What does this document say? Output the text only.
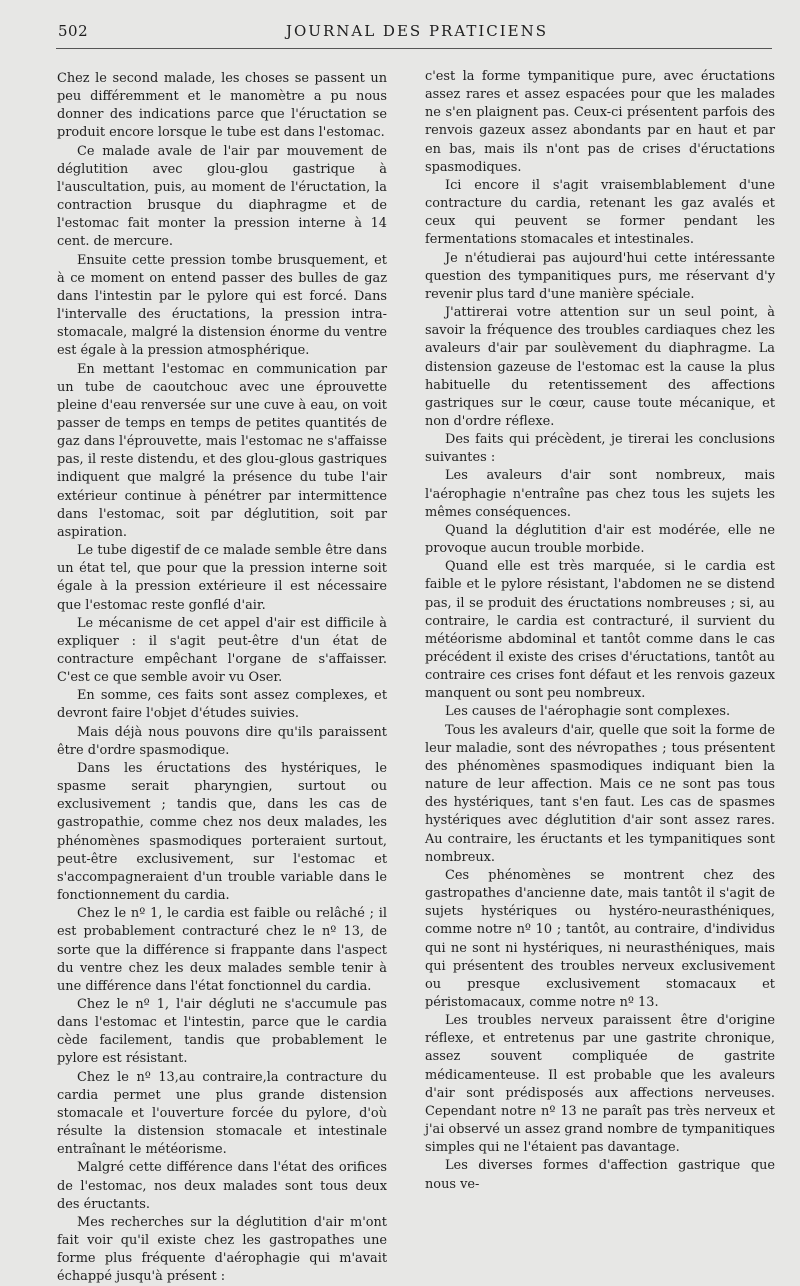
502	JOURNAL DES PRATICIENS

Chez le second malade, les choses se passent un peu différemment et le manomètre a pu nous donner des indications parce que l'éructation se produit encore lorsque le tube est dans l'estomac.

Ce malade avale de l'air par mouvement de déglutition avec glou-glou gastrique à l'auscultation, puis, au moment de l'éructation, la contraction brusque du diaphragme et de l'estomac fait monter la pression interne à 14 cent. de mercure.

Ensuite cette pression tombe brusquement, et à ce moment on entend passer des bulles de gaz dans l'intestin par le pylore qui est forcé. Dans l'intervalle des éructations, la pression intra-stomacale, malgré la distension énorme du ventre est égale à la pression atmosphérique.

En mettant l'estomac en communication par un tube de caoutchouc avec une éprouvette pleine d'eau renversée sur une cuve à eau, on voit passer de temps en temps de petites quantités de gaz dans l'éprouvette, mais l'estomac ne s'affaisse pas, il reste distendu, et des glou-glous gastriques indiquent que malgré la présence du tube l'air extérieur continue à pénétrer par intermittence dans l'estomac, soit par déglutition, soit par aspiration.

Le tube digestif de ce malade semble être dans un état tel, que pour que la pression interne soit égale à la pression extérieure il est nécessaire que l'estomac reste gonflé d'air.

Le mécanisme de cet appel d'air est difficile à expliquer : il s'agit peut-être d'un état de contracture empêchant l'organe de s'affaisser. C'est ce que semble avoir vu Oser.

En somme, ces faits sont assez complexes, et devront faire l'objet d'études suivies.

Mais déjà nous pouvons dire qu'ils paraissent être d'ordre spasmodique.

Dans les éructations des hystériques, le spasme serait pharyngien, surtout ou exclusivement ; tandis que, dans les cas de gastropathie, comme chez nos deux malades, les phénomènes spasmodiques porteraient surtout, peut-être exclusivement, sur l'estomac et s'accompagneraient d'un trouble variable dans le fonctionnement du cardia.

Chez le nº 1, le cardia est faible ou relâché ; il est probablement contracturé chez le nº 13, de sorte que la différence si frappante dans l'aspect du ventre chez les deux malades semble tenir à une différence dans l'état fonctionnel du cardia.

Chez le nº 1, l'air dégluti ne s'accumule pas dans l'estomac et l'intestin, parce que le cardia cède facilement, tandis que probablement le pylore est résistant.

Chez le nº 13,au contraire,la contracture du cardia permet une plus grande distension stomacale et l'ouverture forcée du pylore, d'où résulte la distension stomacale et intestinale entraînant le météorisme.

Malgré cette différence dans l'état des orifices de l'estomac, nos deux malades sont tous deux des éructants.

Mes recherches sur la déglutition d'air m'ont fait voir qu'il existe chez les gastropathes une forme plus fréquente d'aérophagie qui m'avait échappé jusqu'à présent :

c'est la forme tympanitique pure, avec éructations assez rares et assez espacées pour que les malades ne s'en plaignent pas. Ceux-ci présentent parfois des renvois gazeux assez abondants par en haut et par en bas, mais ils n'ont pas de crises d'éructations spasmodiques.

Ici encore il s'agit vraisemblablement d'une contracture du cardia, retenant les gaz avalés et ceux qui peuvent se former pendant les fermentations stomacales et intestinales.

Je n'étudierai pas aujourd'hui cette intéressante question des tympanitiques purs, me réservant d'y revenir plus tard d'une manière spéciale.

J'attirerai votre attention sur un seul point, à savoir la fréquence des troubles cardiaques chez les avaleurs d'air par soulèvement du diaphragme. La distension gazeuse de l'estomac est la cause la plus habituelle du retentissement des affections gastriques sur le cœur, cause toute mécanique, et non d'ordre réflexe.

Des faits qui précèdent, je tirerai les conclusions suivantes :

Les avaleurs d'air sont nombreux, mais l'aérophagie n'entraîne pas chez tous les sujets les mêmes conséquences.

Quand la déglutition d'air est modérée, elle ne provoque aucun trouble morbide.

Quand elle est très marquée, si le cardia est faible et le pylore résistant, l'abdomen ne se distend pas, il se produit des éructations nombreuses ; si, au contraire, le cardia est contracturé, il survient du météorisme abdominal et tantôt comme dans le cas précédent il existe des crises d'éructations, tantôt au contraire ces crises font défaut et les renvois gazeux manquent ou sont peu nombreux.

Les causes de l'aérophagie sont complexes.

Tous les avaleurs d'air, quelle que soit la forme de leur maladie, sont des névropathes ; tous présentent des phénomènes spasmodiques indiquant bien la nature de leur affection. Mais ce ne sont pas tous des hystériques, tant s'en faut. Les cas de spasmes hystériques avec déglutition d'air sont assez rares. Au contraire, les éructants et les tympanitiques sont nombreux.

Ces phénomènes se montrent chez des gastropathes d'ancienne date, mais tantôt il s'agit de sujets hystériques ou hystéro-neurasthéniques, comme notre nº 10 ; tantôt, au contraire, d'individus qui ne sont ni hystériques, ni neurasthéniques, mais qui présentent des troubles nerveux exclusivement ou presque exclusivement stomacaux et péristomacaux, comme notre nº 13.

Les troubles nerveux paraissent être d'origine réflexe, et entretenus par une gastrite chronique, assez souvent compliquée de gastrite médicamenteuse. Il est probable que les avaleurs d'air sont prédisposés aux affections nerveuses. Cependant notre nº 13 ne paraît pas très nerveux et j'ai observé un assez grand nombre de tympanitiques simples qui ne l'étaient pas davantage.

Les diverses formes d'affection gastrique que nous ve-
